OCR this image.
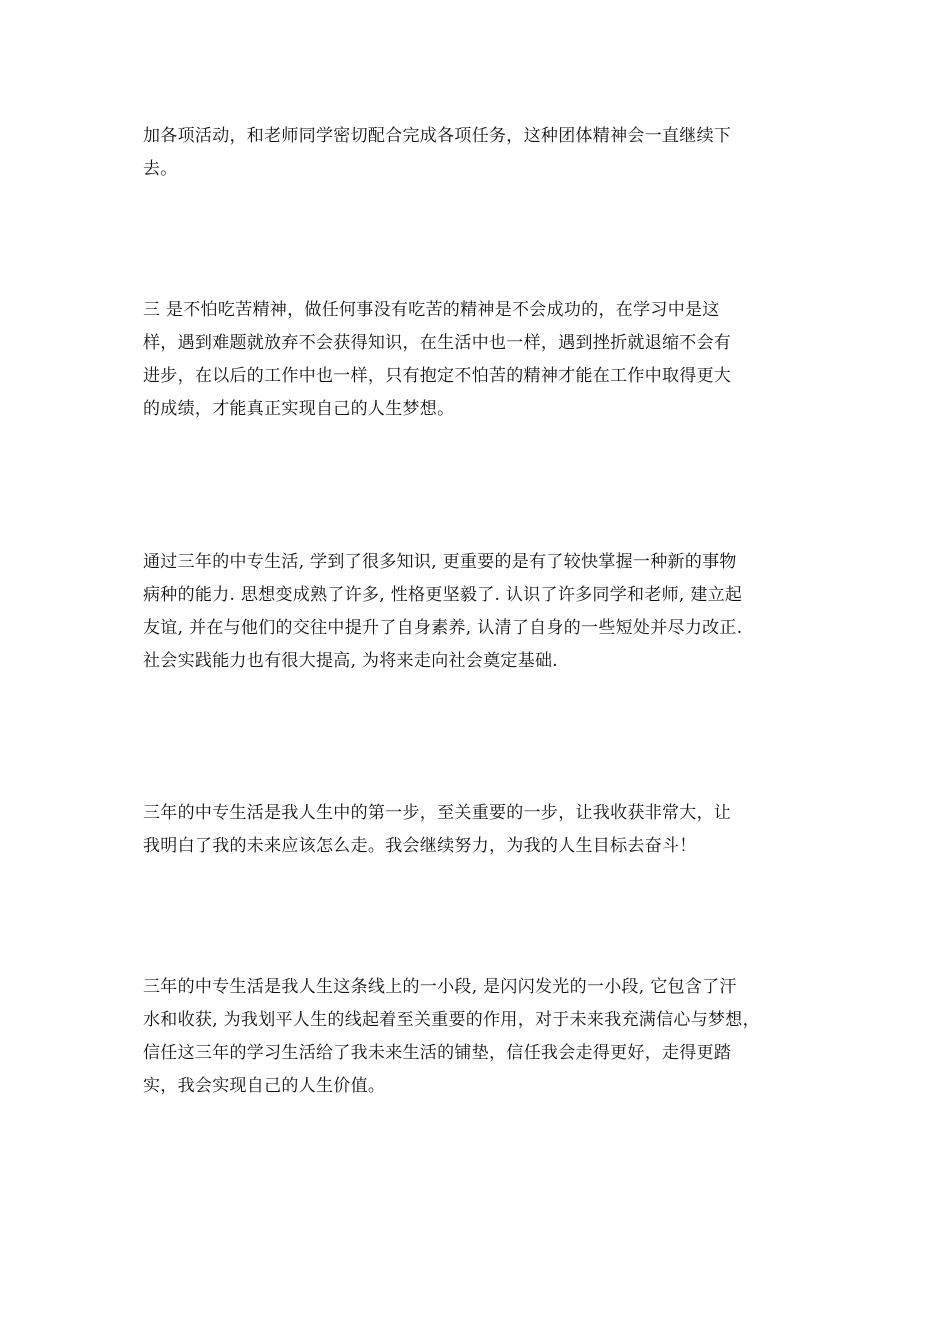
加各项活动，和老师同学密切配合完成各项任务，这种团体精神会一直继续下
去。
三 是不怕吃苦精神，做任何事没有吃苦的精神是不会成功的，在学习中是这
样，遇到难题就放弃不会获得知识，在生活中也一样，遇到挫折就退缩不会有
进步，在以后的工作中也一样，只有抱定不怕苦的精神才能在工作中取得更大
的成绩，才能真正实现自己的人生梦想。
通过三年的中专生活, 学到了很多知识, 更重要的是有了较快掌握一种新的事物
病种的能力. 思想变成熟了许多, 性格更坚毅了. 认识了许多同学和老师, 建立起
友谊, 并在与他们的交往中提升了自身素养, 认清了自身的一些短处并尽力改正.
社会实践能力也有很大提高, 为将来走向社会奠定基础.
三年的中专生活是我人生中的第一步，至关重要的一步，让我收获非常大，让
我明白了我的未来应该怎么走。我会继续努力，为我的人生目标去奋斗！
三年的中专生活是我人生这条线上的一小段, 是闪闪发光的一小段, 它包含了汗
水和收获, 为我划平人生的线起着至关重要的作用，对于未来我充满信心与梦想，
信任这三年的学习生活给了我未来生活的铺垫，信任我会走得更好，走得更踏
实，我会实现自己的人生价值。
